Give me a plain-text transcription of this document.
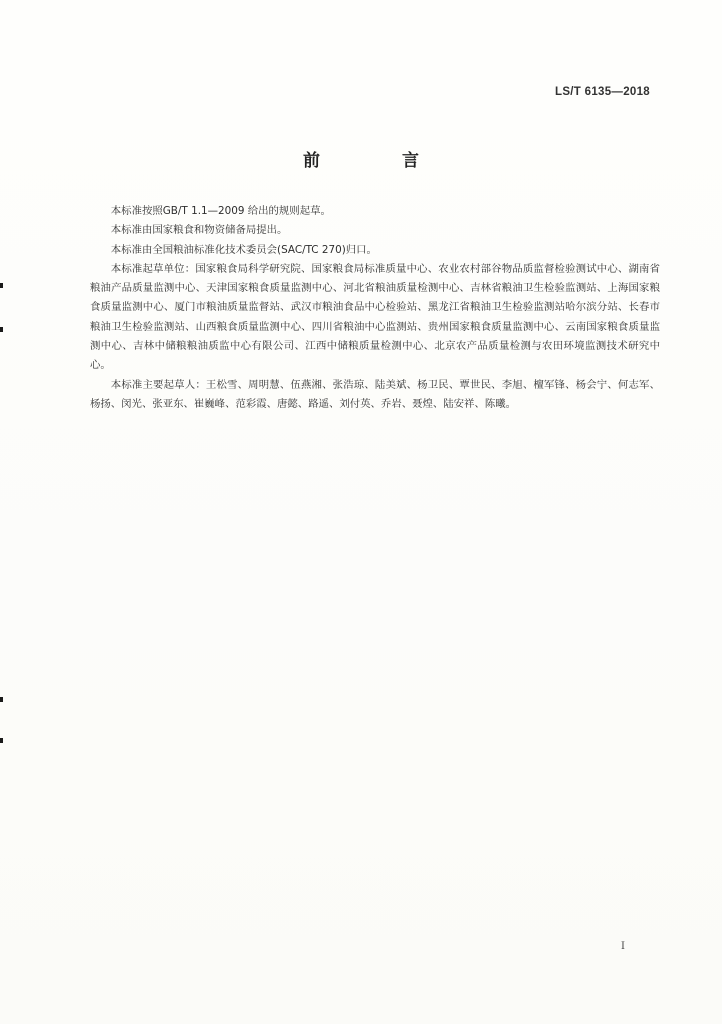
LS/T 6135—2018
前 言

本标准按照GB/T 1.1—2009 给出的规则起草。

本标准由国家粮食和物资储备局提出。

本标准由全国粮油标准化技术委员会(SAC/TC 270)归口。

本标准起草单位：国家粮食局科学研究院、国家粮食局标准质量中心、农业农村部谷物品质监督检验测试中心、湖南省粮油产品质量监测中心、天津国家粮食质量监测中心、河北省粮油质量检测中心、吉林省粮油卫生检验监测站、上海国家粮食质量监测中心、厦门市粮油质量监督站、武汉市粮油食品中心检验站、黑龙江省粮油卫生检验监测站哈尔滨分站、长春市粮油卫生检验监测站、山西粮食质量监测中心、四川省粮油中心监测站、贵州国家粮食质量监测中心、云南国家粮食质量监测中心、吉林中储粮粮油质监中心有限公司、江西中储粮质量检测中心、北京农产品质量检测与农田环境监测技术研究中心。

本标准主要起草人：王松雪、周明慧、伍燕湘、张浩琼、陆美斌、杨卫民、覃世民、李旭、檀军锋、杨会宁、何志军、杨扬、闵光、张亚东、崔巍峰、范彩霞、唐懿、路遥、刘付英、乔岩、聂煌、陆安祥、陈曦。

I
